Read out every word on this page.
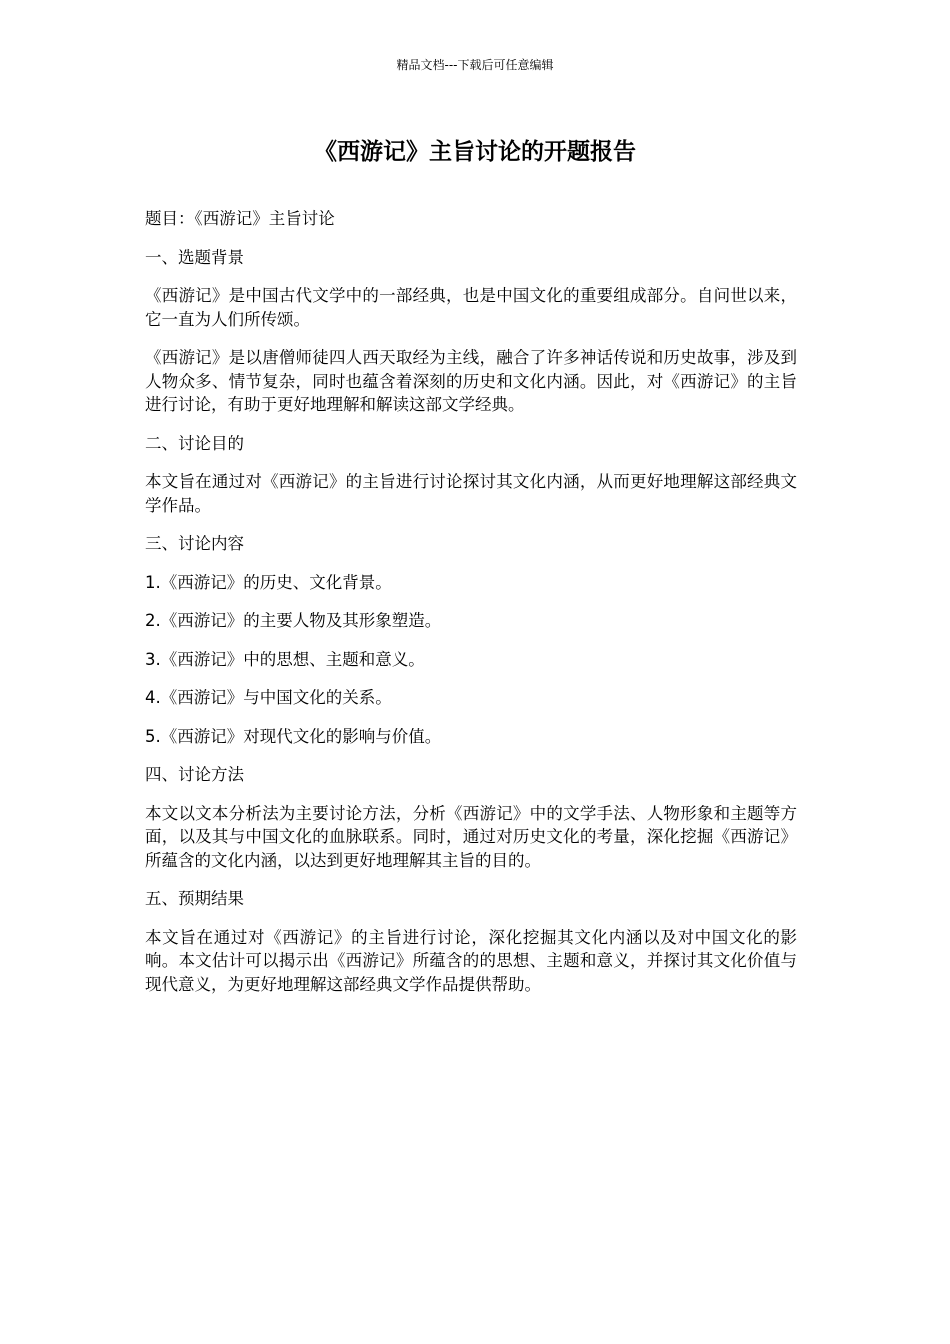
精品文档---下载后可任意编辑
《西游记》主旨讨论的开题报告

题目：《西游记》主旨讨论

一、选题背景

《西游记》是中国古代文学中的一部经典，也是中国文化的重要组成部分。自问世以来，它一直为人们所传颂。

《西游记》是以唐僧师徒四人西天取经为主线，融合了许多神话传说和历史故事，涉及到人物众多、情节复杂，同时也蕴含着深刻的历史和文化内涵。因此，对《西游记》的主旨进行讨论，有助于更好地理解和解读这部文学经典。

二、讨论目的

本文旨在通过对《西游记》的主旨进行讨论探讨其文化内涵，从而更好地理解这部经典文学作品。

三、讨论内容

1.《西游记》的历史、文化背景。

2.《西游记》的主要人物及其形象塑造。

3.《西游记》中的思想、主题和意义。

4.《西游记》与中国文化的关系。

5.《西游记》对现代文化的影响与价值。

四、讨论方法

本文以文本分析法为主要讨论方法，分析《西游记》中的文学手法、人物形象和主题等方面，以及其与中国文化的血脉联系。同时，通过对历史文化的考量，深化挖掘《西游记》所蕴含的文化内涵，以达到更好地理解其主旨的目的。

五、预期结果

本文旨在通过对《西游记》的主旨进行讨论，深化挖掘其文化内涵以及对中国文化的影响。本文估计可以揭示出《西游记》所蕴含的的思想、主题和意义，并探讨其文化价值与现代意义，为更好地理解这部经典文学作品提供帮助。
